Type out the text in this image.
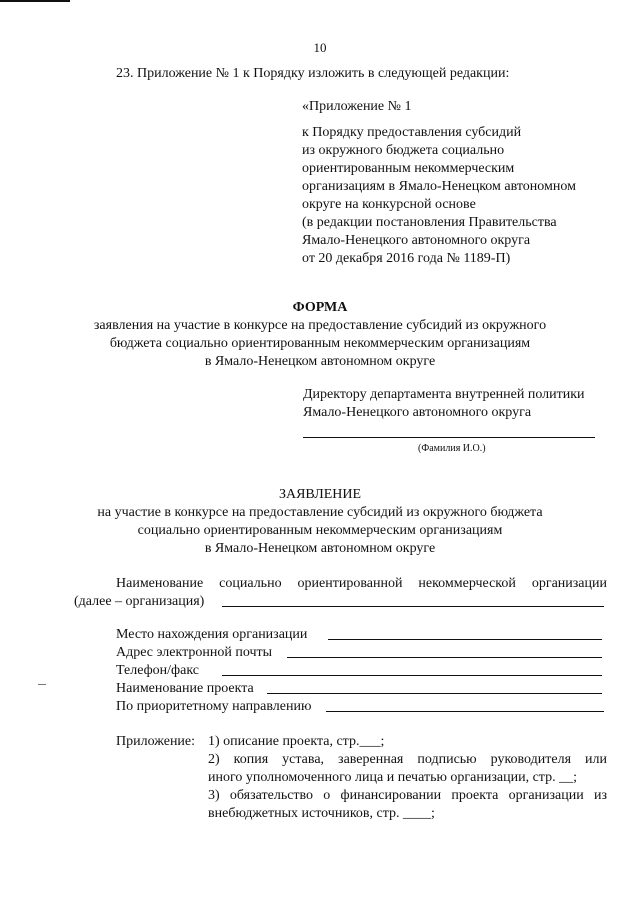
10
23. Приложение № 1 к Порядку изложить в следующей редакции:
«Приложение № 1
к Порядку предоставления субсидий
из окружного бюджета социально
ориентированным некоммерческим
организациям в Ямало-Ненецком автономном
округе на конкурсной основе
(в редакции постановления Правительства
Ямало-Ненецкого автономного округа
от 20 декабря 2016 года № 1189-П)
ФОРМА
заявления на участие в конкурсе на предоставление субсидий из окружного
бюджета социально ориентированным некоммерческим организациям
в Ямало-Ненецком автономном округе
Директору департамента внутренней политики
Ямало-Ненецкого автономного округа
(Фамилия И.О.)
ЗАЯВЛЕНИЕ
на участие в конкурсе на предоставление субсидий из окружного бюджета
социально ориентированным некоммерческим организациям
в Ямало-Ненецком автономном округе
Наименование социально ориентированной некоммерческой организации
(далее – организация)
Место нахождения организации
Адрес электронной почты
Телефон/факс
Наименование проекта
По приоритетному направлению
Приложение: 1) описание проекта, стр.___;
2) копия устава, заверенная подписью руководителя или
иного уполномоченного лица и печатью организации, стр. __;
3) обязательство о финансировании проекта организации из
внебюджетных источников, стр. ____;
